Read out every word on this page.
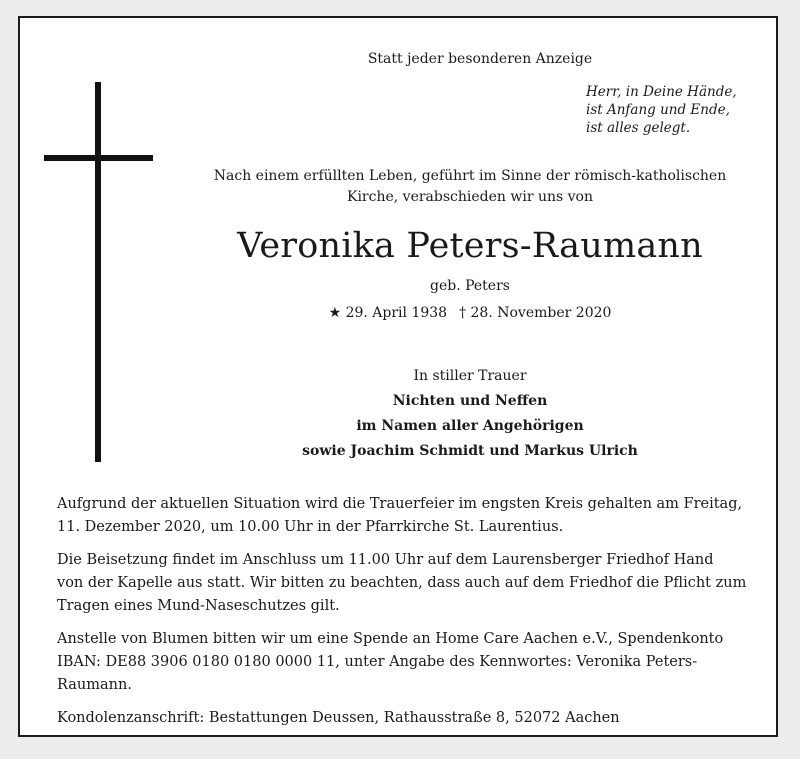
Statt jeder besonderen Anzeige
Herr, in Deine Hände,
ist Anfang und Ende,
ist alles gelegt.
Nach einem erfüllten Leben, geführt im Sinne der römisch-katholischen
Kirche, verabschieden wir uns von
Veronika Peters-Raumann
geb. Peters
★ 29. April 1938 † 28. November 2020
In stiller Trauer
Nichten und Neffen
im Namen aller Angehörigen
sowie Joachim Schmidt und Markus Ulrich

Aufgrund der aktuellen Situation wird die Trauerfeier im engsten Kreis gehalten am Freitag,
11. Dezember 2020, um 10.00 Uhr in der Pfarrkirche St. Laurentius.

Die Beisetzung findet im Anschluss um 11.00 Uhr auf dem Laurensberger Friedhof Hand
von der Kapelle aus statt. Wir bitten zu beachten, dass auch auf dem Friedhof die Pflicht zum
Tragen eines Mund-Naseschutzes gilt.

Anstelle von Blumen bitten wir um eine Spende an Home Care Aachen e.V., Spendenkonto
IBAN: DE88 3906 0180 0180 0000 11, unter Angabe des Kennwortes: Veronika Peters-Raumann.

Kondolenzanschrift: Bestattungen Deussen, Rathausstraße 8, 52072 Aachen
